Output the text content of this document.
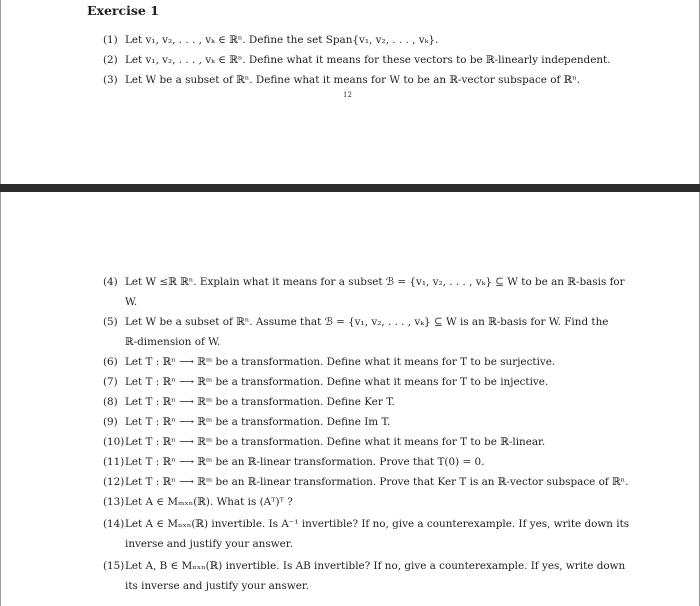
Exercise 1
(1) Let v₁, v₂, . . . , vₖ ∈ ℝⁿ. Define the set Span{v₁, v₂, . . . , vₖ}.
(2) Let v₁, v₂, . . . , vₖ ∈ ℝⁿ. Define what it means for these vectors to be ℝ-linearly independent.
(3) Let W be a subset of ℝⁿ. Define what it means for W to be an ℝ-vector subspace of ℝⁿ.
12
(4) Let W ≤ℝ ℝⁿ. Explain what it means for a subset ℬ = {v₁, v₂, . . . , vₖ} ⊆ W to be an ℝ-basis for
W.
(5) Let W be a subset of ℝⁿ. Assume that ℬ = {v₁, v₂, . . . , vₖ} ⊆ W is an ℝ-basis for W. Find the
ℝ-dimension of W.
(6) Let T : ℝⁿ ⟶ ℝᵐ be a transformation. Define what it means for T to be surjective.
(7) Let T : ℝⁿ ⟶ ℝᵐ be a transformation. Define what it means for T to be injective.
(8) Let T : ℝⁿ ⟶ ℝᵐ be a transformation. Define Ker T.
(9) Let T : ℝⁿ ⟶ ℝᵐ be a transformation. Define Im T.
(10)Let T : ℝⁿ ⟶ ℝᵐ be a transformation. Define what it means for T to be ℝ-linear.
(11)Let T : ℝⁿ ⟶ ℝᵐ be an ℝ-linear transformation. Prove that T(0) = 0.
(12)Let T : ℝⁿ ⟶ ℝᵐ be an ℝ-linear transformation. Prove that Ker T is an ℝ-vector subspace of ℝⁿ.
(13)Let A ∈ Mₘₓₙ(ℝ). What is (Aᵀ)ᵀ ?
(14)Let A ∈ Mₙₓₙ(ℝ) invertible. Is A⁻¹ invertible? If no, give a counterexample. If yes, write down its
inverse and justify your answer.
(15)Let A, B ∈ Mₙₓₙ(ℝ) invertible. Is AB invertible? If no, give a counterexample. If yes, write down
its inverse and justify your answer.
